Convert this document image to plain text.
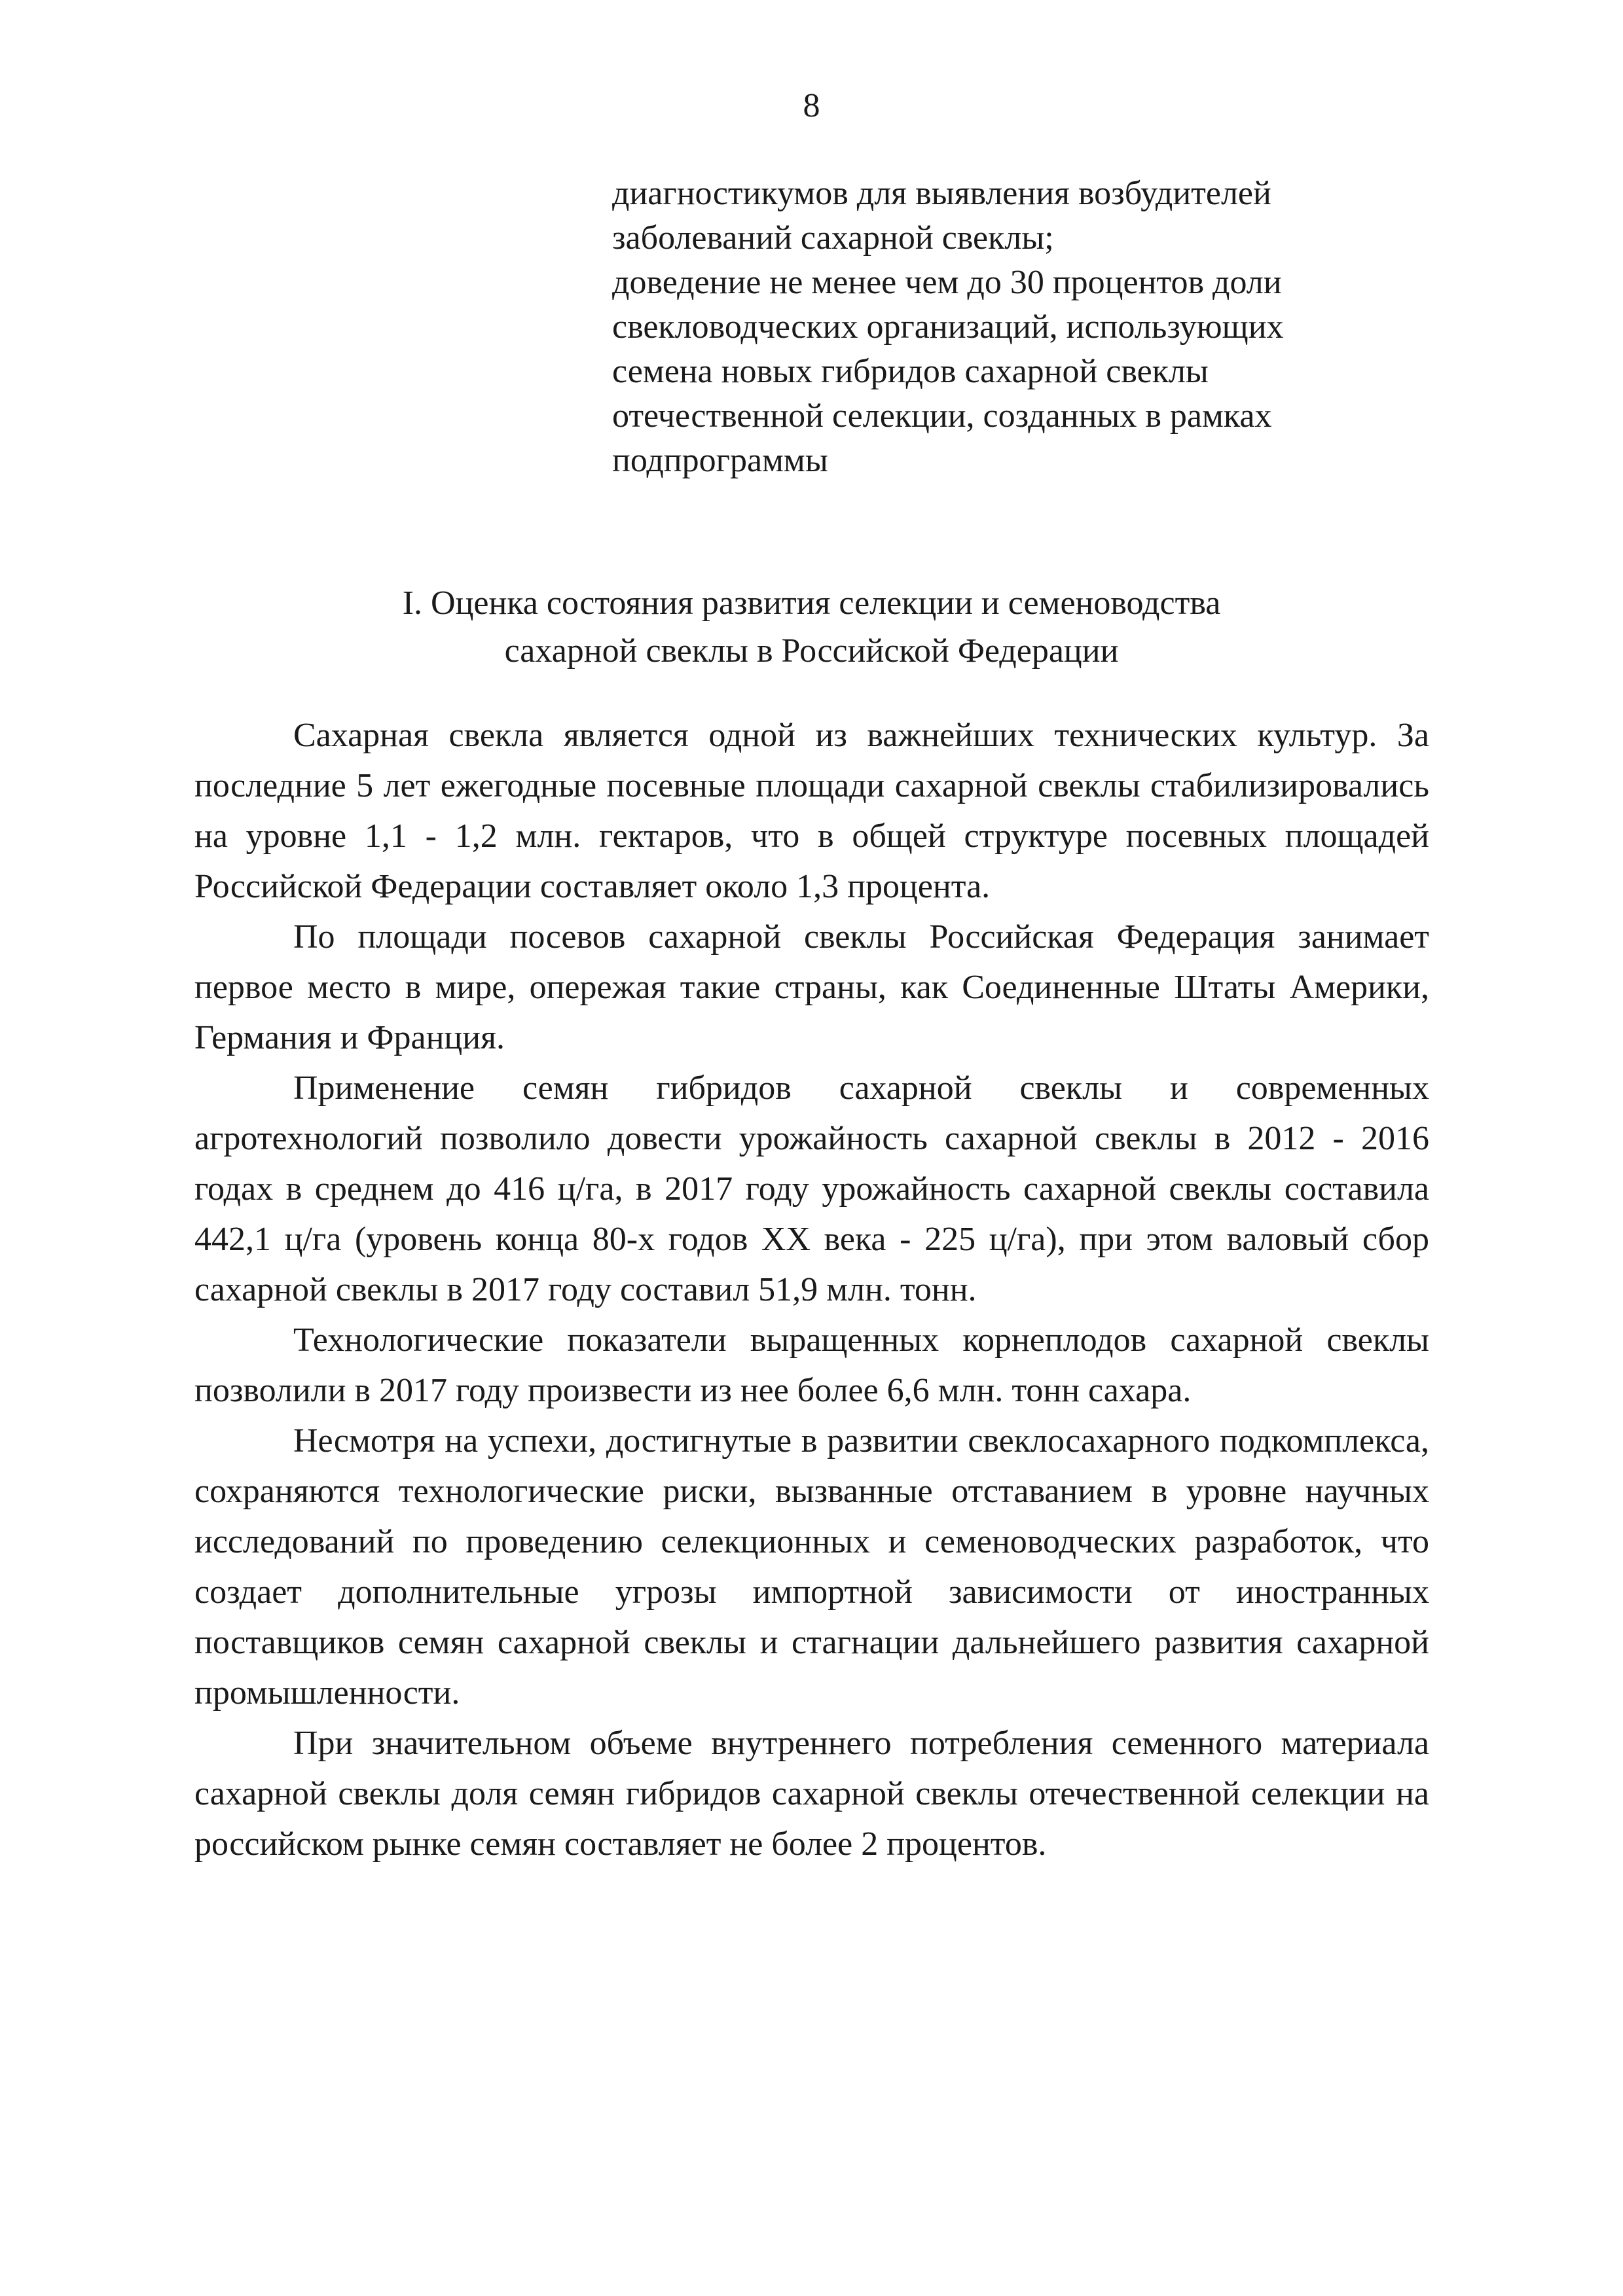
8
диагностикумов для выявления возбудителей
заболеваний сахарной свеклы;
доведение не менее чем до 30 процентов доли
свекловодческих организаций, использующих
семена новых гибридов сахарной свеклы
отечественной селекции, созданных в рамках
подпрограммы
I. Оценка состояния развития селекции и семеноводства
сахарной свеклы в Российской Федерации

Сахарная свекла является одной из важнейших технических культур. За последние 5 лет ежегодные посевные площади сахарной свеклы стабилизировались на уровне 1,1 - 1,2 млн. гектаров, что в общей структуре посевных площадей Российской Федерации составляет около 1,3 процента.

По площади посевов сахарной свеклы Российская Федерация занимает первое место в мире, опережая такие страны, как Соединенные Штаты Америки, Германия и Франция.

Применение семян гибридов сахарной свеклы и современных агротехнологий позволило довести урожайность сахарной свеклы в 2012 - 2016 годах в среднем до 416 ц/га, в 2017 году урожайность сахарной свеклы составила 442,1 ц/га (уровень конца 80-х годов XX века - 225 ц/га), при этом валовый сбор сахарной свеклы в 2017 году составил 51,9 млн. тонн.

Технологические показатели выращенных корнеплодов сахарной свеклы позволили в 2017 году произвести из нее более 6,6 млн. тонн сахара.

Несмотря на успехи, достигнутые в развитии свеклосахарного подкомплекса, сохраняются технологические риски, вызванные отставанием в уровне научных исследований по проведению селекционных и семеноводческих разработок, что создает дополнительные угрозы импортной зависимости от иностранных поставщиков семян сахарной свеклы и стагнации дальнейшего развития сахарной промышленности.

При значительном объеме внутреннего потребления семенного материала сахарной свеклы доля семян гибридов сахарной свеклы отечественной селекции на российском рынке семян составляет не более 2 процентов.
